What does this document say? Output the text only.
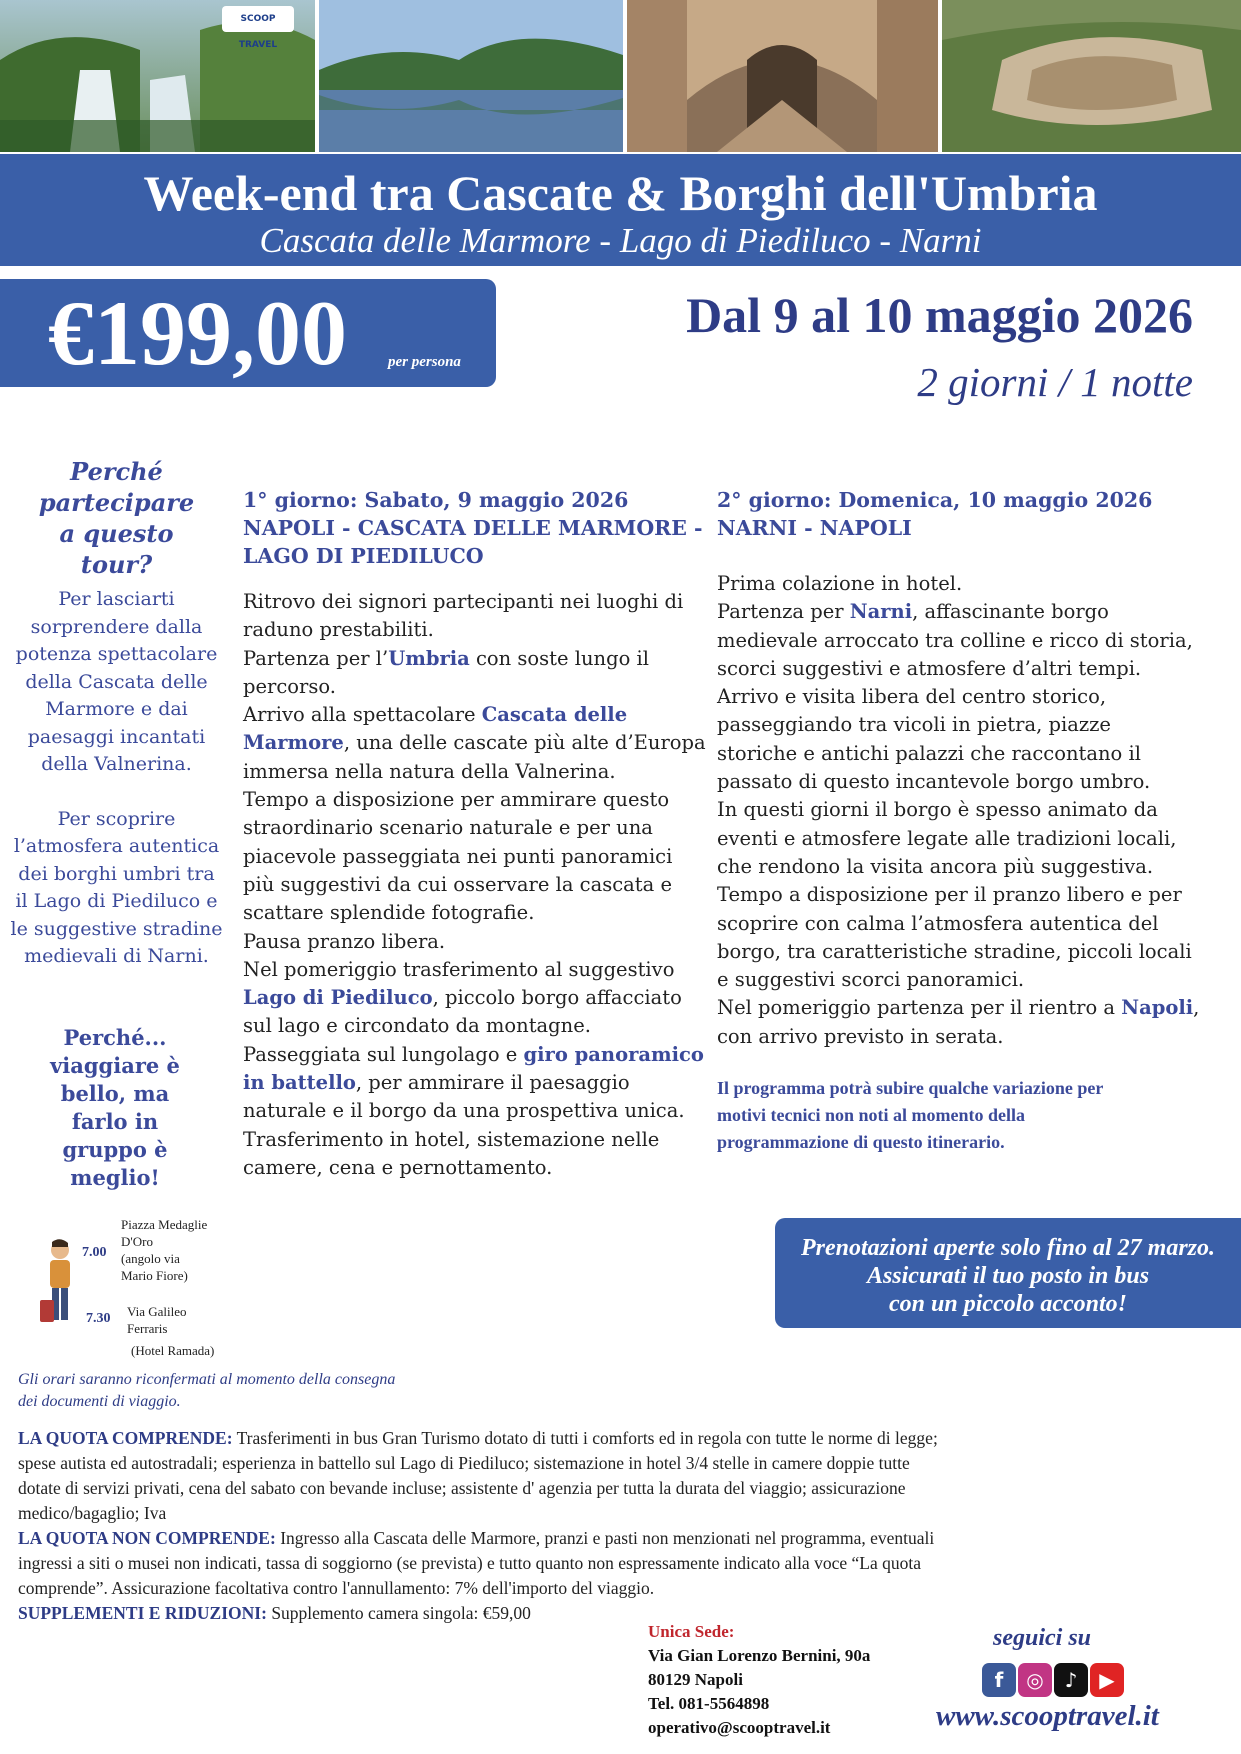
SCOOP TRAVEL
Week-end tra Cascate & Borghi dell'Umbria
Cascata delle Marmore - Lago di Piediluco - Narni
€199,00	per persona
Dal 9 al 10 maggio 2026
2 giorni / 1 notte
Perché
partecipare
a questo
tour?
Per lasciarti
sorprendere dalla
potenza spettacolare
della Cascata delle
Marmore e dai
paesaggi incantati
della Valnerina.
Per scoprire
l’atmosfera autentica
dei borghi umbri tra
il Lago di Piediluco e
le suggestive stradine
medievali di Narni.
Perché...
viaggiare è
bello, ma
farlo in
gruppo è
meglio!
1° giorno: Sabato, 9 maggio 2026
NAPOLI - CASCATA DELLE MARMORE -
LAGO DI PIEDILUCO
Ritrovo dei signori partecipanti nei luoghi di
raduno prestabiliti.
Partenza per l’Umbria con soste lungo il
percorso.
Arrivo alla spettacolare Cascata delle
Marmore, una delle cascate più alte d’Europa
immersa nella natura della Valnerina.
Tempo a disposizione per ammirare questo
straordinario scenario naturale e per una
piacevole passeggiata nei punti panoramici
più suggestivi da cui osservare la cascata e
scattare splendide fotografie.
Pausa pranzo libera.
Nel pomeriggio trasferimento al suggestivo
Lago di Piediluco, piccolo borgo affacciato
sul lago e circondato da montagne.
Passeggiata sul lungolago e giro panoramico
in battello, per ammirare il paesaggio
naturale e il borgo da una prospettiva unica.
Trasferimento in hotel, sistemazione nelle
camere, cena e pernottamento.
2° giorno: Domenica, 10 maggio 2026
NARNI - NAPOLI
Prima colazione in hotel.
Partenza per Narni, affascinante borgo
medievale arroccato tra colline e ricco di storia,
scorci suggestivi e atmosfere d’altri tempi.
Arrivo e visita libera del centro storico,
passeggiando tra vicoli in pietra, piazze
storiche e antichi palazzi che raccontano il
passato di questo incantevole borgo umbro.
In questi giorni il borgo è spesso animato da
eventi e atmosfere legate alle tradizioni locali,
che rendono la visita ancora più suggestiva.
Tempo a disposizione per il pranzo libero e per
scoprire con calma l’atmosfera autentica del
borgo, tra caratteristiche stradine, piccoli locali
e suggestivi scorci panoramici.
Nel pomeriggio partenza per il rientro a Napoli,
con arrivo previsto in serata.
Il programma potrà subire qualche variazione per
motivi tecnici non noti al momento della
programmazione di questo itinerario.
7.00
Piazza Medaglie
D'Oro
(angolo via
Mario Fiore)
7.30 Via Galileo
Ferraris
(Hotel Ramada)
Gli orari saranno riconfermati al momento della consegna
dei documenti di viaggio.
Prenotazioni aperte solo fino al 27 marzo.
Assicurati il tuo posto in bus
con un piccolo acconto!
LA QUOTA COMPRENDE: Trasferimenti in bus Gran Turismo dotato di tutti i comforts ed in regola con tutte le norme di legge;
spese autista ed autostradali; esperienza in battello sul Lago di Piediluco; sistemazione in hotel 3/4 stelle in camere doppie tutte
dotate di servizi privati, cena del sabato con bevande incluse; assistente d' agenzia per tutta la durata del viaggio; assicurazione
medico/bagaglio; Iva
LA QUOTA NON COMPRENDE: Ingresso alla Cascata delle Marmore, pranzi e pasti non menzionati nel programma, eventuali
ingressi a siti o musei non indicati, tassa di soggiorno (se prevista) e tutto quanto non espressamente indicato alla voce “La quota
comprende”. Assicurazione facoltativa contro l'annullamento: 7% dell'importo del viaggio.
SUPPLEMENTI E RIDUZIONI: Supplemento camera singola: €59,00
Unica Sede:
Via Gian Lorenzo Bernini, 90a
80129 Napoli
Tel. 081-5564898
operativo@scooptravel.it
seguici su
f	◎	♪	▶
www.scooptravel.it
